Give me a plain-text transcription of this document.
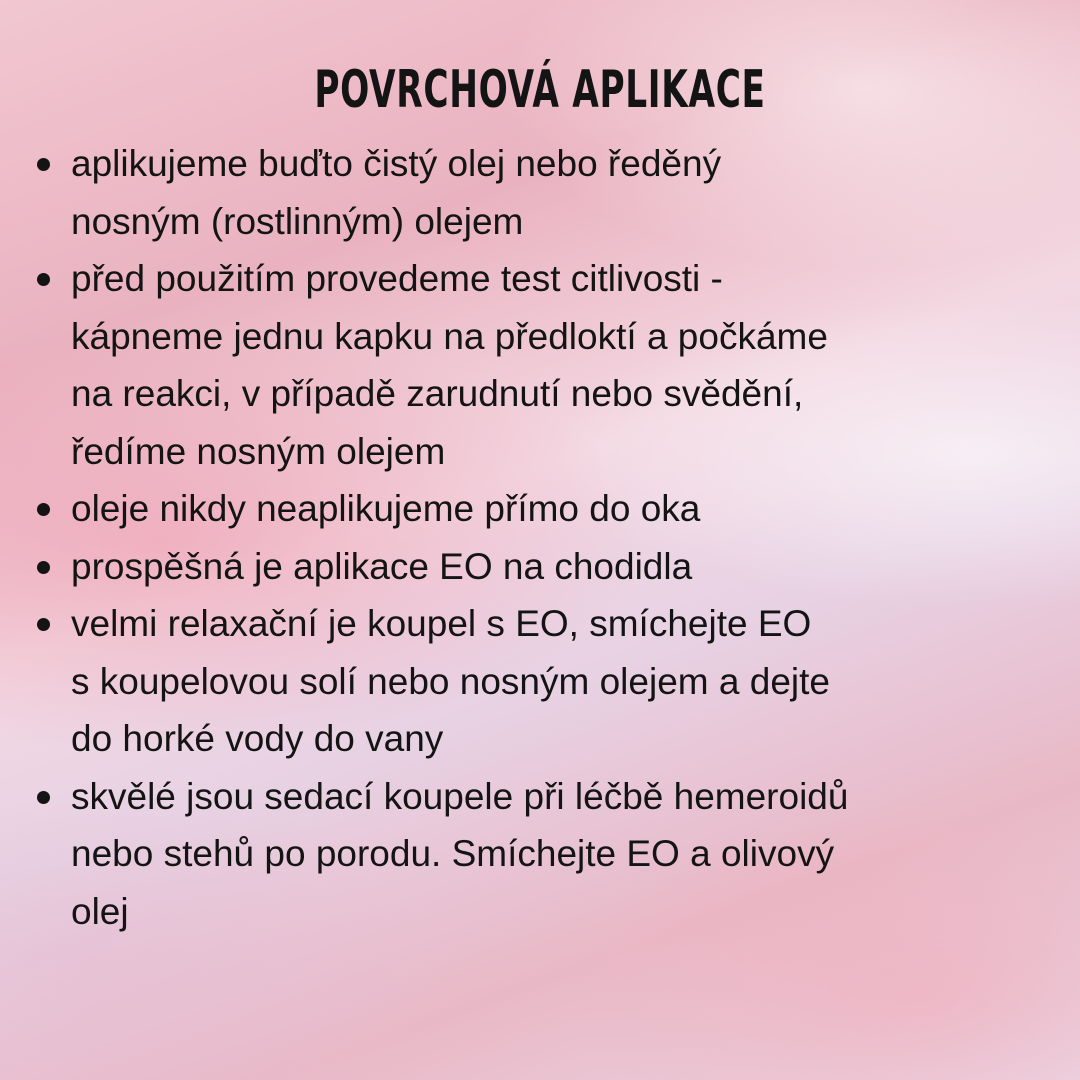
POVRCHOVÁ APLIKACE
aplikujeme buďto čistý olej nebo ředěný
nosným (rostlinným) olejem
před použitím provedeme test citlivosti -
kápneme jednu kapku na předloktí a počkáme
na reakci, v případě zarudnutí nebo svědění,
ředíme nosným olejem
oleje nikdy neaplikujeme přímo do oka
prospěšná je aplikace EO na chodidla
velmi relaxační je koupel s EO, smíchejte EO
s koupelovou solí nebo nosným olejem a dejte
do horké vody do vany
skvělé jsou sedací koupele při léčbě hemeroidů
nebo stehů po porodu. Smíchejte EO a olivový
olej
